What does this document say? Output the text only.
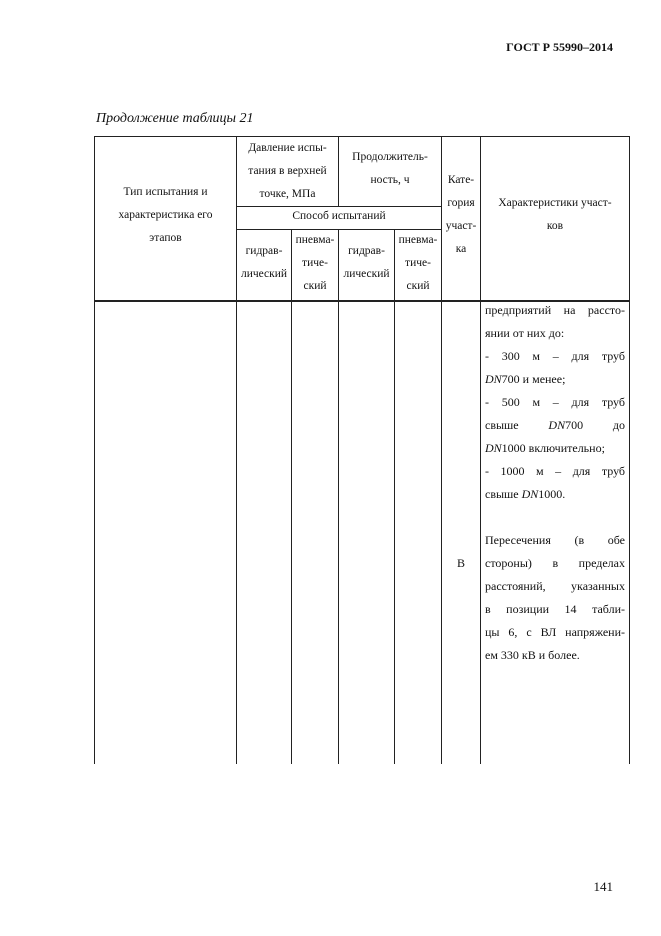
ГОСТ Р 55990–2014
Продолжение таблицы 21
Тип испытания и
характеристика его
этапов
Давление испы-
тания в верхней
точке, МПа
Продолжитель-
ность, ч
Способ испытаний
гидрав-
лический
пневма-
тиче-
ский
гидрав-
лический
пневма-
тиче-
ский
Кате-
гория
участ-
ка
Характеристики участ-
ков
В
предприятий на рассто-
янии от них до:
- 300 м – для труб
DN700 и менее;
- 500 м – для труб
свыше DN700 до
DN1000 включительно;
- 1000 м – для труб
свыше DN1000.
Пересечения (в обе
стороны) в пределах
расстояний, указанных
в позиции 14 табли-
цы 6, с ВЛ напряжени-
ем 330 кВ и более.
141
